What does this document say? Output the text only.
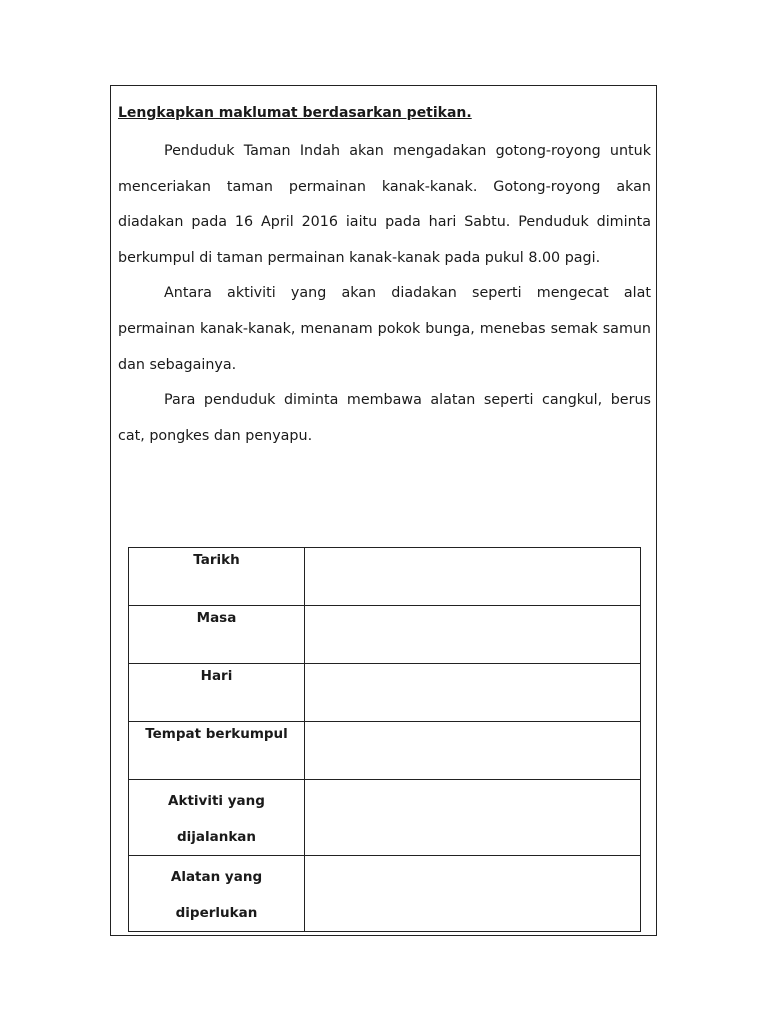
Lengkapkan maklumat berdasarkan petikan.

Penduduk Taman Indah akan mengadakan gotong-royong untuk menceriakan taman permainan kanak-kanak. Gotong-royong akan diadakan pada 16 April 2016 iaitu pada hari Sabtu. Penduduk diminta berkumpul di taman permainan kanak-kanak pada pukul 8.00 pagi.

Antara aktiviti yang akan diadakan seperti mengecat alat permainan kanak-kanak, menanam pokok bunga, menebas semak samun dan sebagainya.

Para penduduk diminta membawa alatan seperti cangkul, berus cat, pongkes dan penyapu.

Tarikh	
Masa	
Hari	
Tempat berkumpul	

Aktiviti yang
dijalankan	

Alatan yang
diperlukan	
